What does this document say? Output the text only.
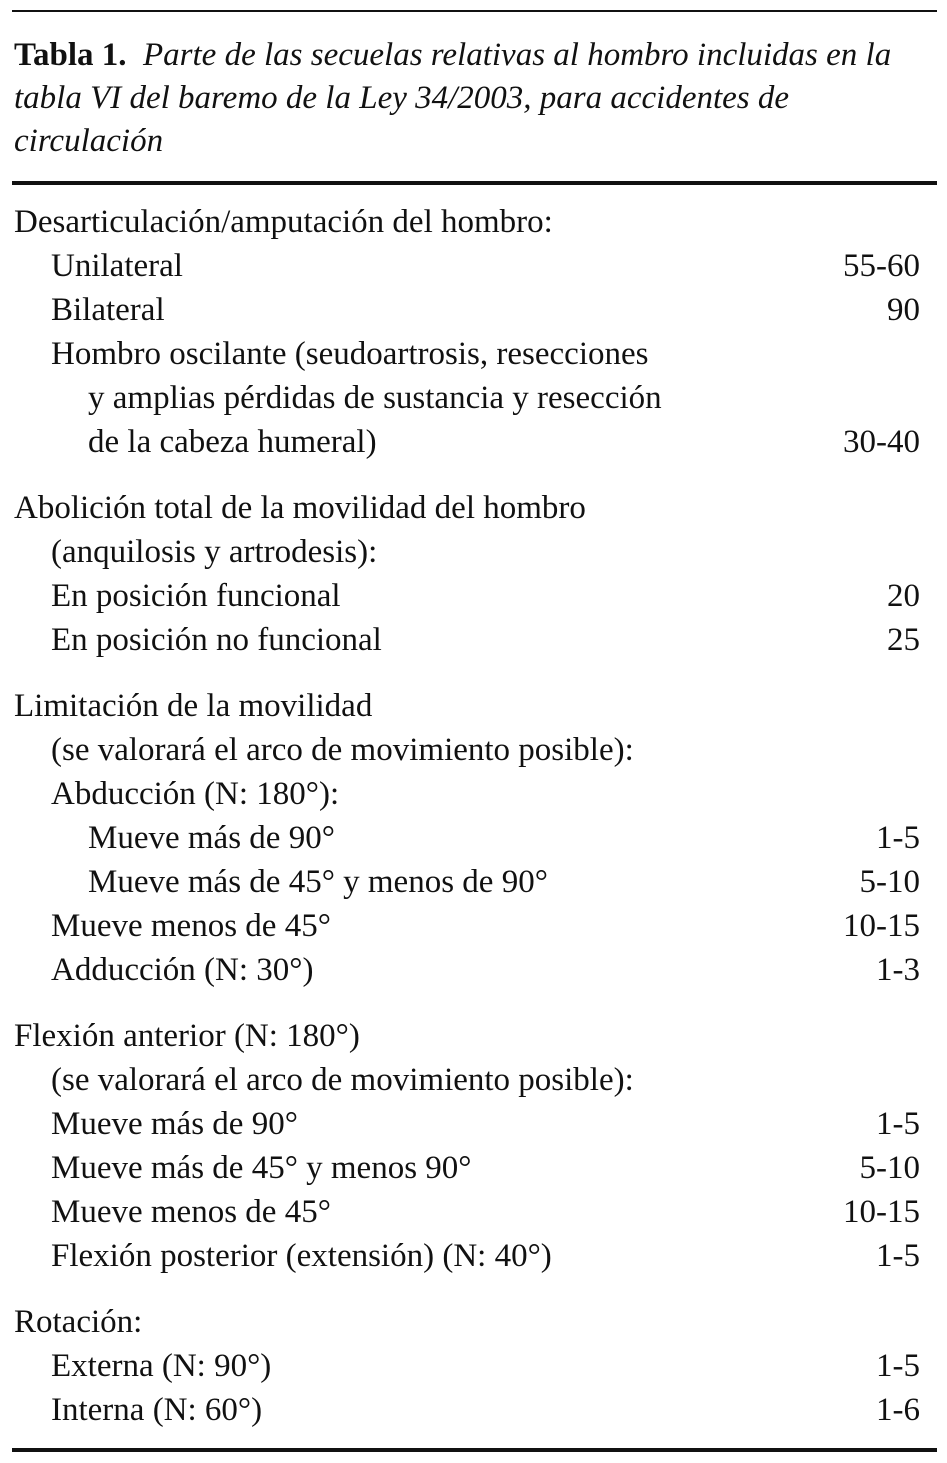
Tabla 1. Parte de las secuelas relativas al hombro incluidas en la tabla VI del baremo de la Ley 34/2003, para accidentes de circulación
Desarticulación/amputación del hombro:
Unilateral	55-60
Bilateral	90
Hombro oscilante (seudoartrosis, resecciones
y amplias pérdidas de sustancia y resección
de la cabeza humeral)	30-40
Abolición total de la movilidad del hombro
(anquilosis y artrodesis):
En posición funcional	20
En posición no funcional	25
Limitación de la movilidad
(se valorará el arco de movimiento posible):
Abducción (N: 180°):
Mueve más de 90°	1-5
Mueve más de 45° y menos de 90°	5-10
Mueve menos de 45°	10-15
Adducción (N: 30°)	1-3
Flexión anterior (N: 180°)
(se valorará el arco de movimiento posible):
Mueve más de 90°	1-5
Mueve más de 45° y menos 90°	5-10
Mueve menos de 45°	10-15
Flexión posterior (extensión) (N: 40°)	1-5
Rotación:
Externa (N: 90°)	1-5
Interna (N: 60°)	1-6
